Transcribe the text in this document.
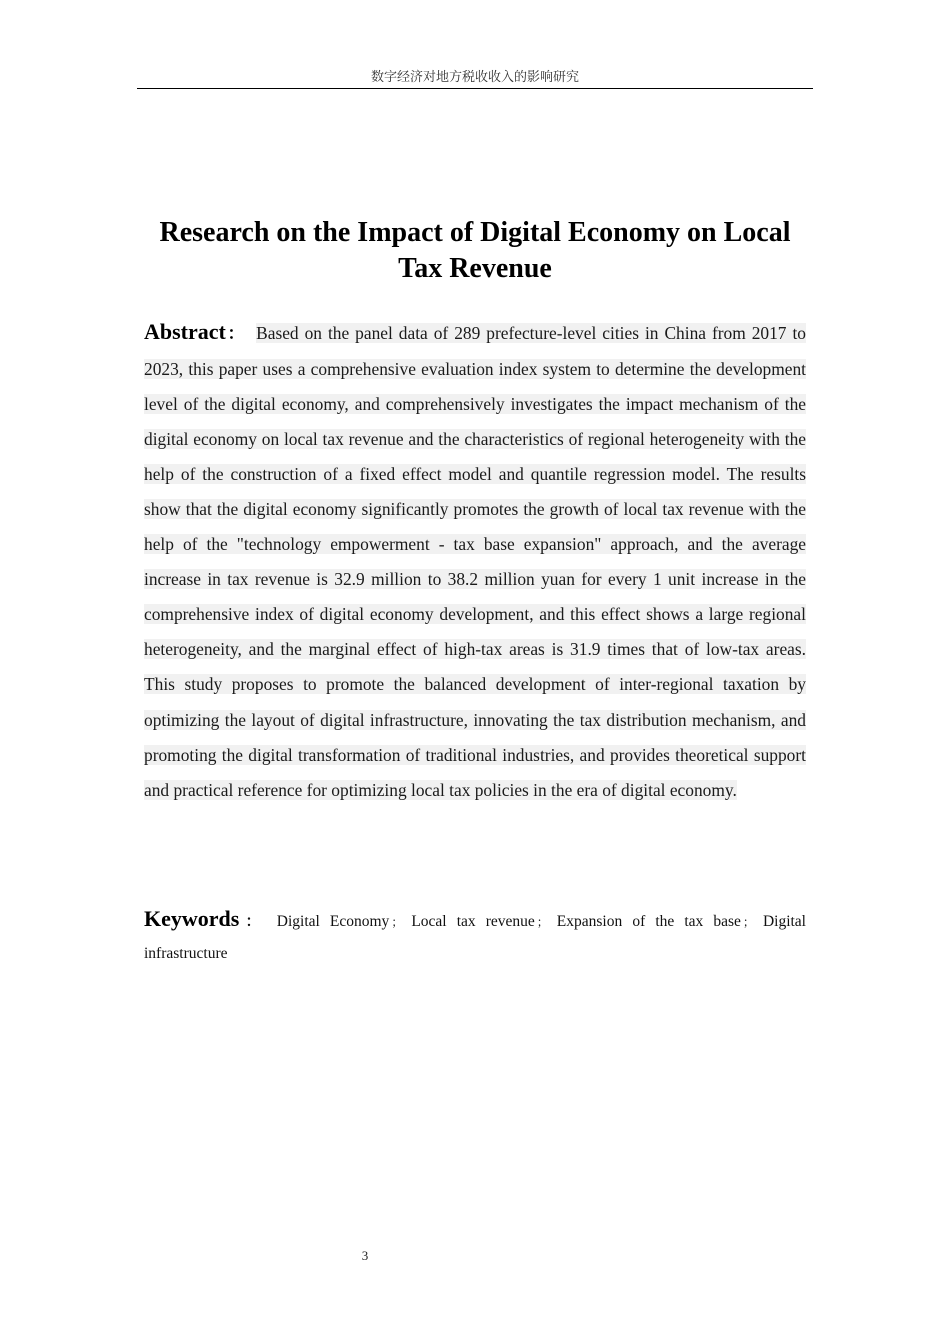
数字经济对地方税收收入的影响研究
Research on the Impact of Digital Economy on Local Tax Revenue

Abstract： Based on the panel data of 289 prefecture-level cities in China from 2017 to 2023, this paper uses a comprehensive evaluation index system to determine the development level of the digital economy, and comprehensively investigates the impact mechanism of the digital economy on local tax revenue and the characteristics of regional heterogeneity with the help of the construction of a fixed effect model and quantile regression model. The results show that the digital economy significantly promotes the growth of local tax revenue with the help of the "technology empowerment - tax base expansion" approach, and the average increase in tax revenue is 32.9 million to 38.2 million yuan for every 1 unit increase in the comprehensive index of digital economy development, and this effect shows a large regional heterogeneity, and the marginal effect of high-tax areas is 31.9 times that of low-tax areas. This study proposes to promote the balanced development of inter-regional taxation by optimizing the layout of digital infrastructure, innovating the tax distribution mechanism, and promoting the digital transformation of traditional industries, and provides theoretical support and practical reference for optimizing local tax policies in the era of digital economy.

Keywords： Digital Economy ； Local tax revenue ； Expansion of the tax base ； Digital infrastructure

3
